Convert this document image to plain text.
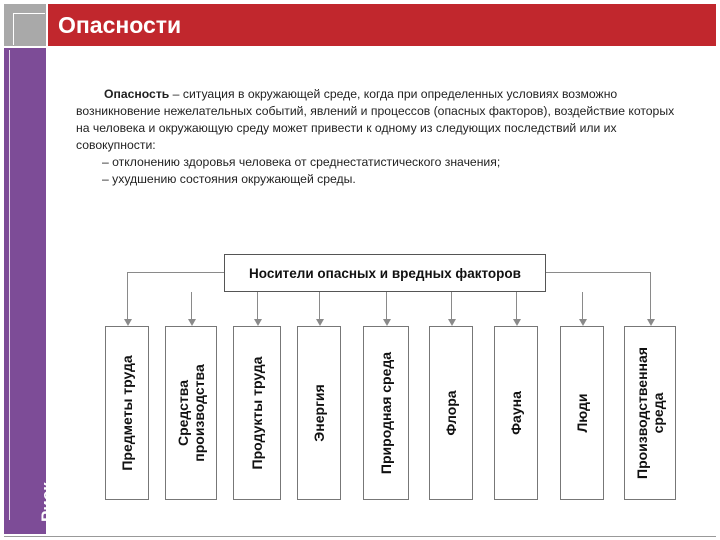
Опасности
Риск

Опасность – ситуация в окружающей среде, когда при определенных условиях возможно возникновение нежелательных событий, явлений и процессов (опасных факторов), воздействие которых на человека и окружающую среду может привести к одному из следующих последствий или их совокупности:

– отклонению здоровья человека от среднестатистического значения;

– ухудшению состояния окружающей среды.

Носители опасных и вредных факторов
Предметы труда	Средства
производства	Продукты труда	Энергия	Природная среда	Флора	Фауна	Люди	Производственная
среда
